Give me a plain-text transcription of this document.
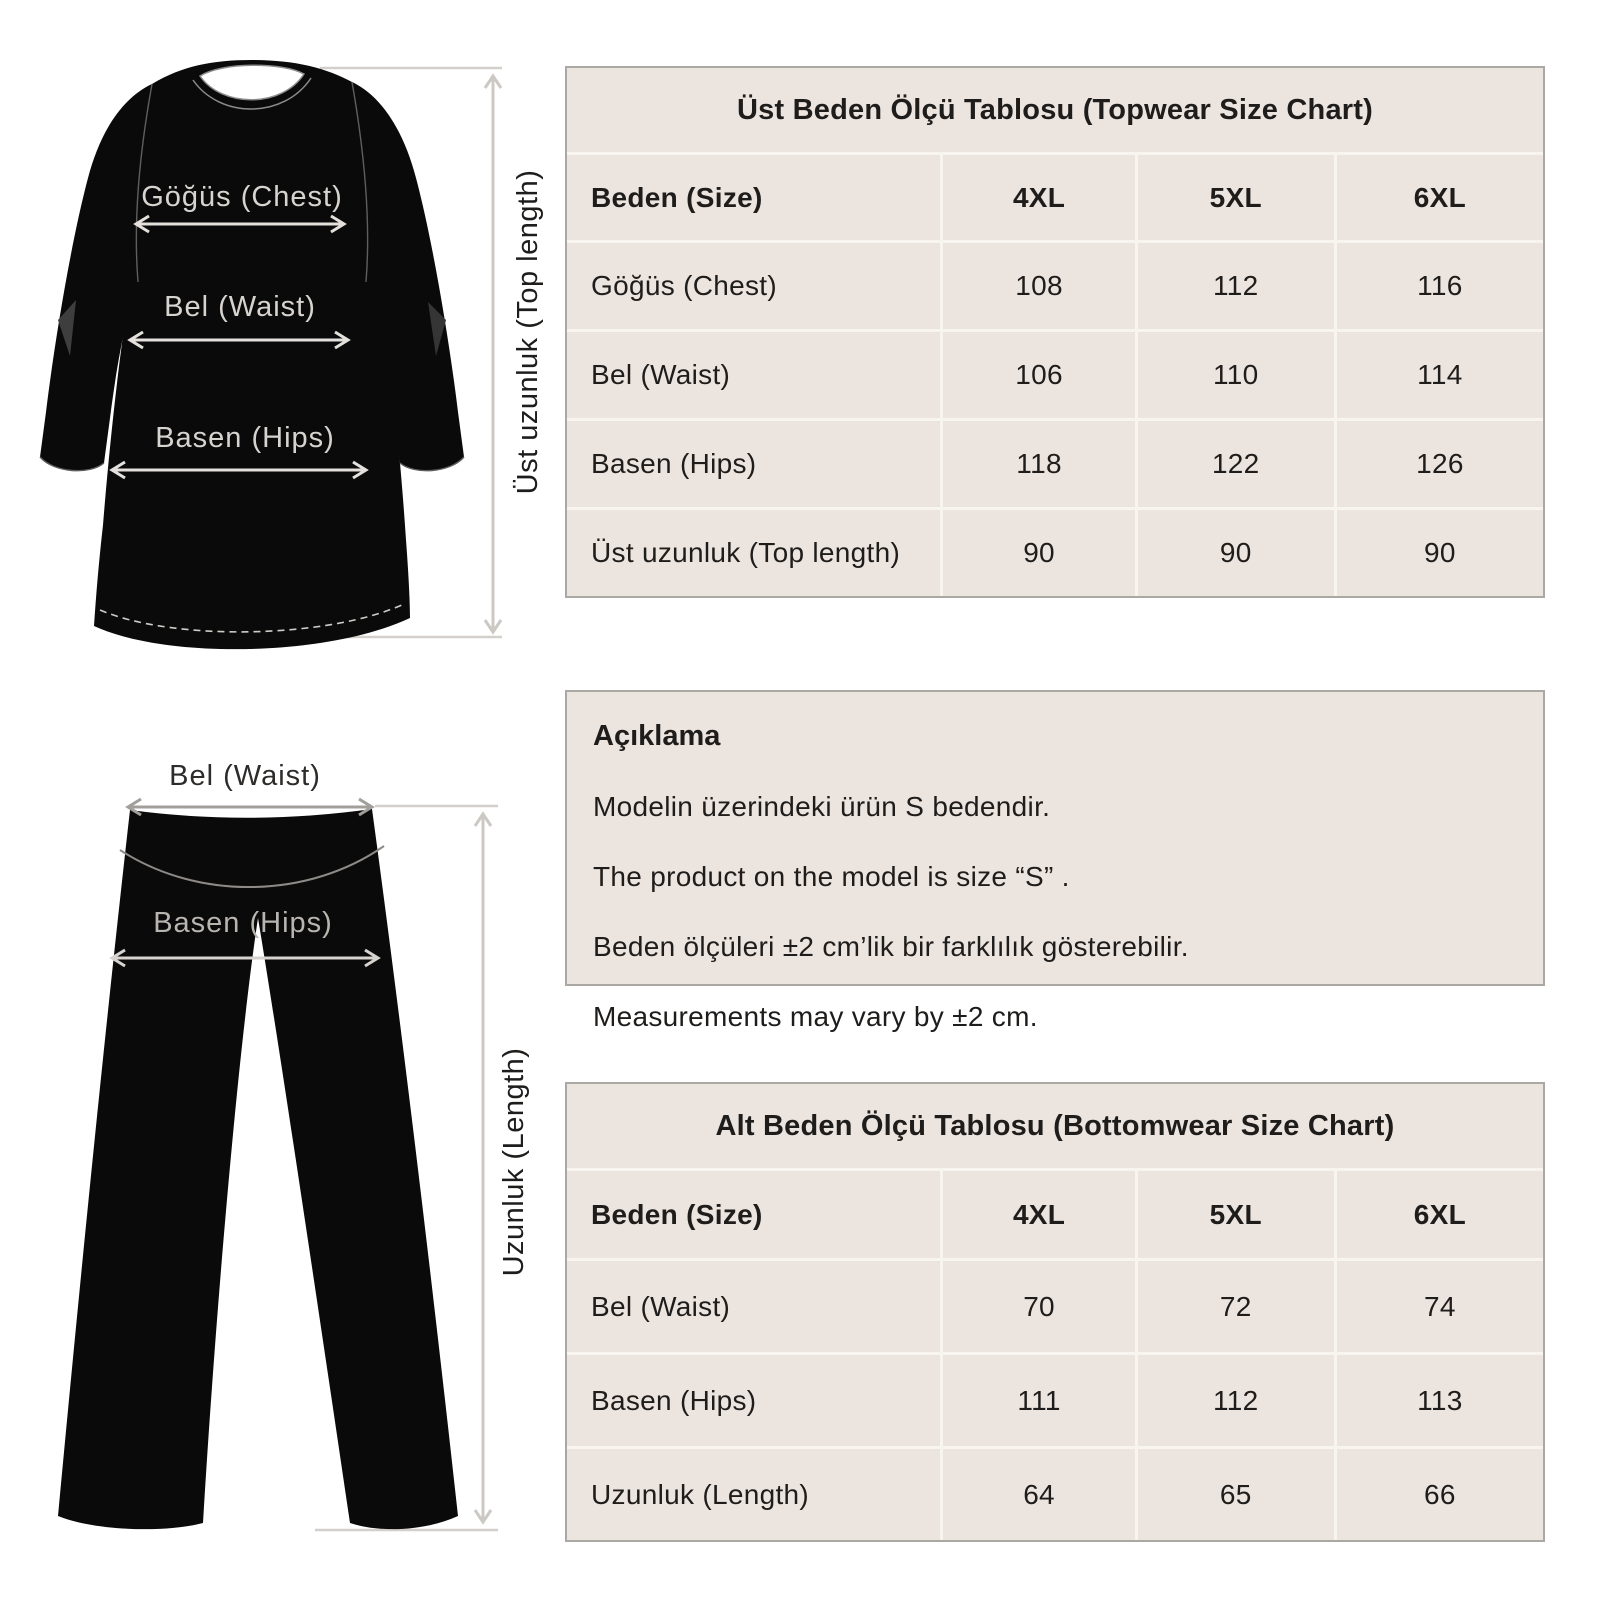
Göğüs (Chest)
Bel (Waist)
Basen (Hips)	Üst uzunluk (Top length)
Bel (Waist)
Basen (Hips)
Uzunluk (Length)
Üst Beden Ölçü Tablosu (Topwear Size Chart)
Beden (Size)	4XL	5XL	6XL
Göğüs (Chest)	108	112	116
Bel (Waist)	106	110	114
Basen (Hips)	118	122	126
Üst uzunluk (Top length)	90	90	90
Açıklama
Modelin üzerindeki ürün S bedendir.
The product on the model is size “S” .
Beden ölçüleri ±2 cm’lik bir farklılık gösterebilir.
Measurements may vary by ±2 cm.
Alt Beden Ölçü Tablosu (Bottomwear Size Chart)
Beden (Size)	4XL	5XL	6XL
Bel (Waist)	70	72	74
Basen (Hips)	111	112	113
Uzunluk (Length)	64	65	66
